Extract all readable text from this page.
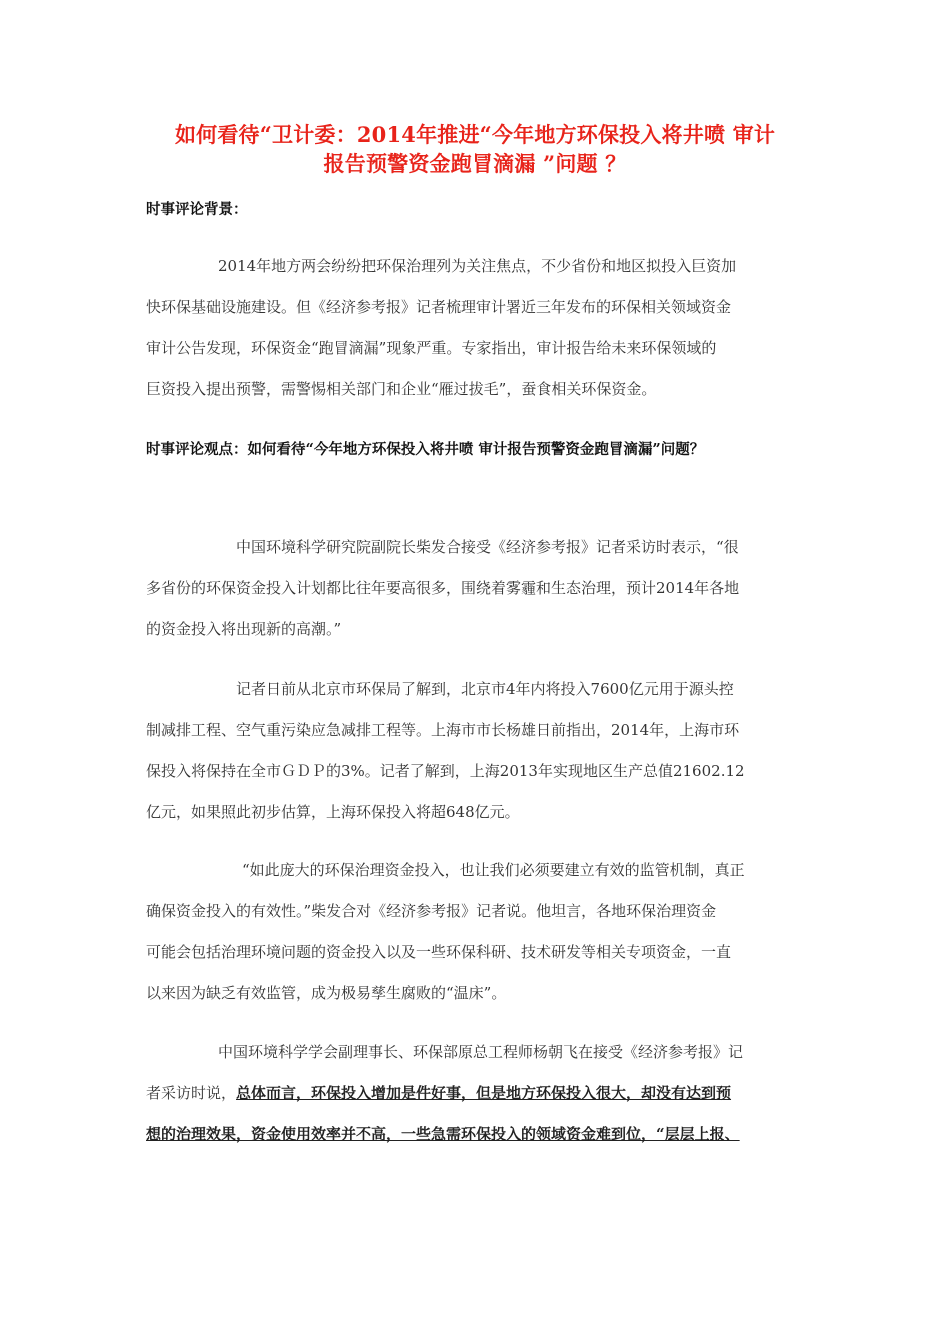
如何看待“卫计委：2014年推进“今年地方环保投入将井喷 审计
报告预警资金跑冒滴漏 ”问题 ？
时事评论背景：
2014年地方两会纷纷把环保治理列为关注焦点，不少省份和地区拟投入巨资加
快环保基础设施建设。但《经济参考报》记者梳理审计署近三年发布的环保相关领域资金
审计公告发现，环保资金“跑冒滴漏”现象严重。专家指出，审计报告给未来环保领域的
巨资投入提出预警，需警惕相关部门和企业“雁过拔毛”，蚕食相关环保资金。
时事评论观点：如何看待“今年地方环保投入将井喷 审计报告预警资金跑冒滴漏”问题？
中国环境科学研究院副院长柴发合接受《经济参考报》记者采访时表示，“很
多省份的环保资金投入计划都比往年要高很多，围绕着雾霾和生态治理，预计2014年各地
的资金投入将出现新的高潮。”
记者日前从北京市环保局了解到，北京市4年内将投入7600亿元用于源头控
制减排工程、空气重污染应急减排工程等。上海市市长杨雄日前指出，2014年，上海市环
保投入将保持在全市ＧＤＰ的3%。记者了解到，上海2013年实现地区生产总值21602.12
亿元，如果照此初步估算，上海环保投入将超648亿元。
“如此庞大的环保治理资金投入，也让我们必须要建立有效的监管机制，真正
确保资金投入的有效性。”柴发合对《经济参考报》记者说。他坦言，各地环保治理资金
可能会包括治理环境问题的资金投入以及一些环保科研、技术研发等相关专项资金，一直
以来因为缺乏有效监管，成为极易孳生腐败的“温床”。
中国环境科学学会副理事长、环保部原总工程师杨朝飞在接受《经济参考报》记
者采访时说，总体而言，环保投入增加是件好事，但是地方环保投入很大，却没有达到预
想的治理效果，资金使用效率并不高，一些急需环保投入的领域资金难到位，“层层上报、
